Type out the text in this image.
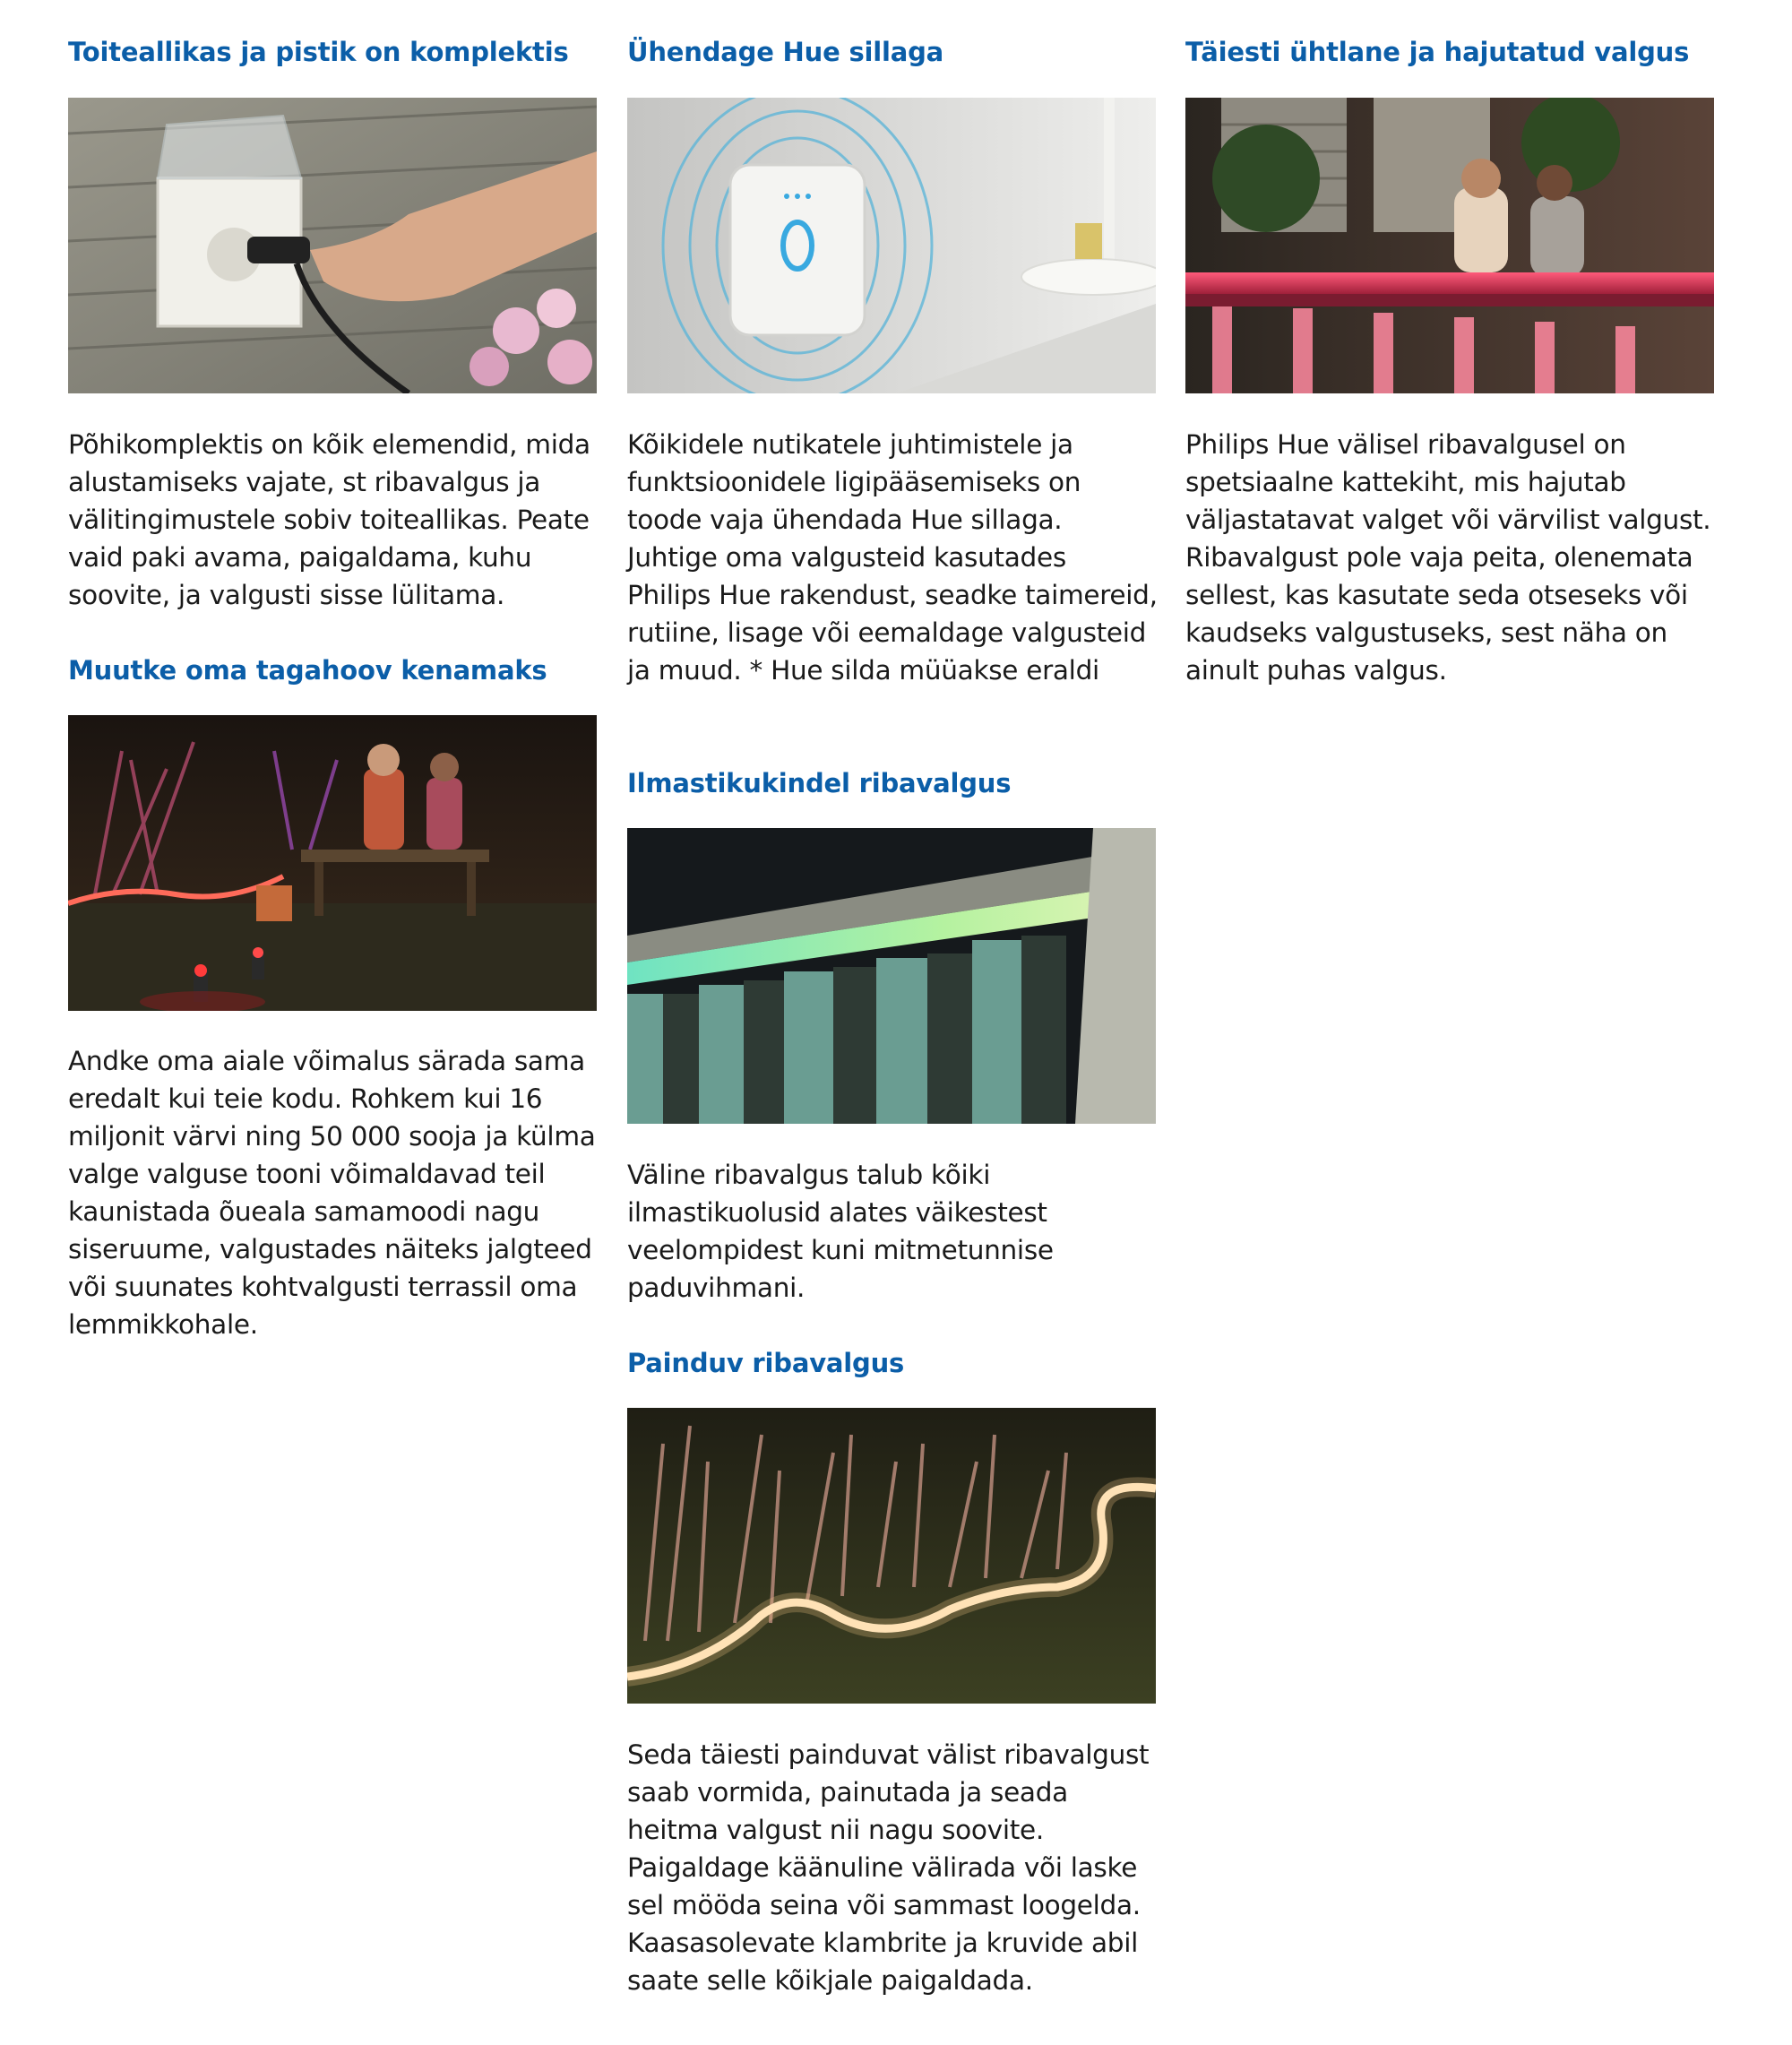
Toiteallikas ja pistik on komplektis

Põhikomplektis on kõik elemendid, mida alustamiseks vajate, st ribavalgus ja välitingimustele sobiv toiteallikas. Peate vaid paki avama, paigaldama, kuhu soovite, ja valgusti sisse lülitama.

Muutke oma tagahoov kenamaks

Andke oma aiale võimalus särada sama eredalt kui teie kodu. Rohkem kui 16 miljonit värvi ning 50 000 sooja ja külma valge valguse tooni võimaldavad teil kaunistada õueala samamoodi nagu siseruume, valgustades näiteks jalgteed või suunates kohtvalgusti terrassil oma lemmikkohale.

Ühendage Hue sillaga

Kõikidele nutikatele juhtimistele ja funktsioonidele ligipääsemiseks on toode vaja ühendada Hue sillaga. Juhtige oma valgusteid kasutades Philips Hue rakendust, seadke taimereid, rutiine, lisage või eemaldage valgusteid ja muud. * Hue silda müüakse eraldi

Ilmastikukindel ribavalgus

Väline ribavalgus talub kõiki ilmastikuolusid alates väikestest veelompidest kuni mitmetunnise paduvihmani.

Painduv ribavalgus

Seda täiesti painduvat välist ribavalgust saab vormida, painutada ja seada heitma valgust nii nagu soovite. Paigaldage käänuline välirada või laske sel mööda seina või sammast loogelda. Kaasasolevate klambrite ja kruvide abil saate selle kõikjale paigaldada.

Täiesti ühtlane ja hajutatud valgus

Philips Hue välisel ribavalgusel on spetsiaalne kattekiht, mis hajutab väljastatavat valget või värvilist valgust. Ribavalgust pole vaja peita, olenemata sellest, kas kasutate seda otseseks või kaudseks valgustuseks, sest näha on ainult puhas valgus.
